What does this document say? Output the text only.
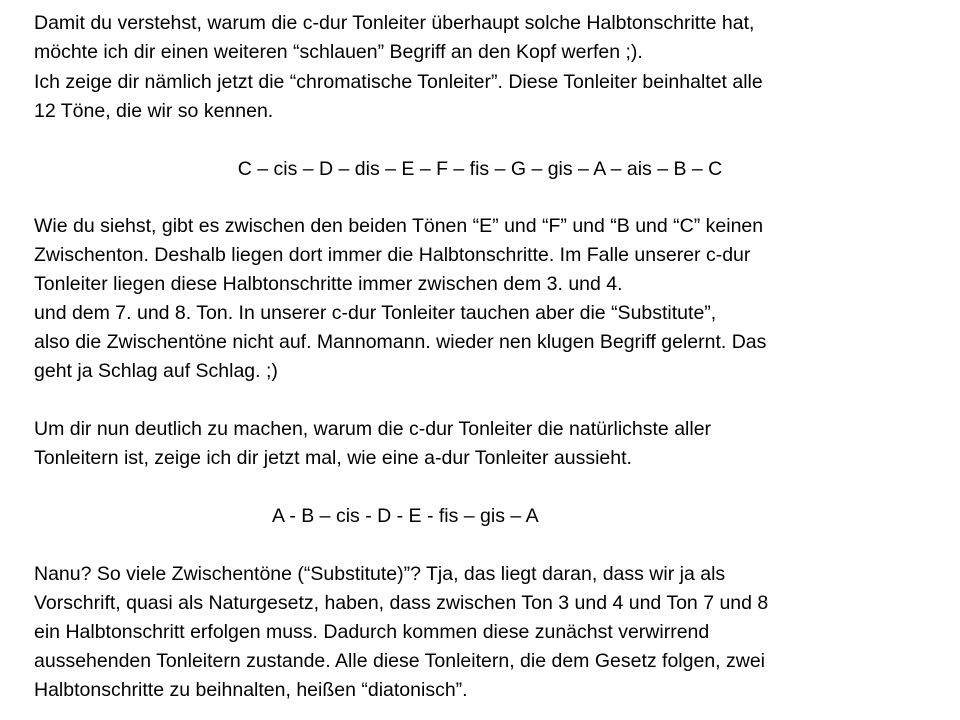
Damit du verstehst, warum die c-dur Tonleiter überhaupt solche Halbtonschritte hat,

möchte ich dir einen weiteren “schlauen” Begriff an den Kopf werfen ;).

Ich zeige dir nämlich jetzt die “chromatische Tonleiter”. Diese Tonleiter beinhaltet alle

12 Töne, die wir so kennen.

C – cis – D – dis – E – F – fis – G – gis – A – ais – B – C

Wie du siehst, gibt es zwischen den beiden Tönen “E” und “F” und “B und “C” keinen

Zwischenton. Deshalb liegen dort immer die Halbtonschritte. Im Falle unserer c-dur

Tonleiter liegen diese Halbtonschritte immer zwischen dem 3. und 4.

und dem 7. und 8. Ton. In unserer c-dur Tonleiter tauchen aber die “Substitute”,

also die Zwischentöne nicht auf. Mannomann. wieder nen klugen Begriff gelernt. Das

geht ja Schlag auf Schlag. ;)

Um dir nun deutlich zu machen, warum die c-dur Tonleiter die natürlichste aller

Tonleitern ist, zeige ich dir jetzt mal, wie eine a-dur Tonleiter aussieht.

A - B – cis - D - E - fis – gis – A

Nanu? So viele Zwischentöne (“Substitute)”? Tja, das liegt daran, dass wir ja als

Vorschrift, quasi als Naturgesetz, haben, dass zwischen Ton 3 und 4 und Ton 7 und 8

ein Halbtonschritt erfolgen muss. Dadurch kommen diese zunächst verwirrend

aussehenden Tonleitern zustande. Alle diese Tonleitern, die dem Gesetz folgen, zwei

Halbtonschritte zu beihnalten, heißen “diatonisch”.
